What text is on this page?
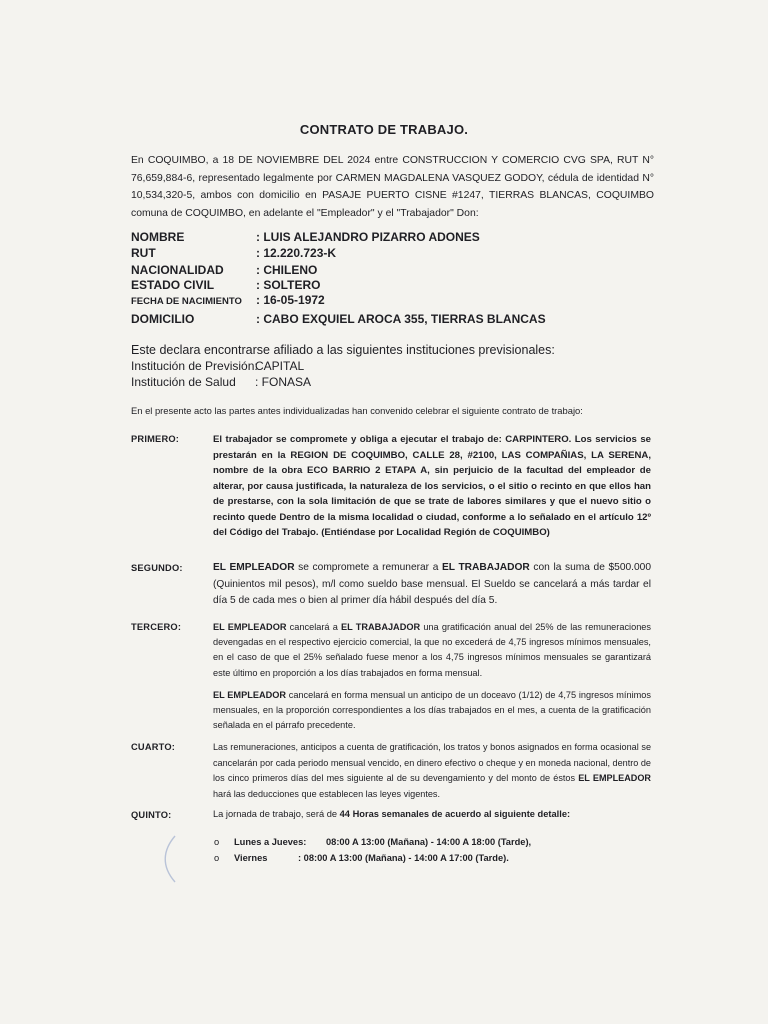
CONTRATO DE TRABAJO.
En COQUIMBO, a 18 DE NOVIEMBRE DEL 2024 entre CONSTRUCCION Y COMERCIO CVG SPA, RUT N° 76,659,884-6, representado legalmente por CARMEN MAGDALENA VASQUEZ GODOY, cédula de identidad N° 10,534,320-5, ambos con domicilio en PASAJE PUERTO CISNE #1247, TIERRAS BLANCAS, COQUIMBO comuna de COQUIMBO, en adelante el "Empleador" y el "Trabajador" Don:
NOMBRE	: LUIS ALEJANDRO PIZARRO ADONES
RUT	: 12.220.723-K
NACIONALIDAD	: CHILENO
ESTADO CIVIL	: SOLTERO
FECHA DE NACIMIENTO : 16-05-1972
DOMICILIO	: CABO EXQUIEL AROCA 355, TIERRAS BLANCAS
Este declara encontrarse afiliado a las siguientes instituciones previsionales:
Institución de Previsión:
CAPITAL
Institución de Salud : FONASA
En el presente acto las partes antes individualizadas han convenido celebrar el siguiente contrato de trabajo:
PRIMERO:	El trabajador se compromete y obliga a ejecutar el trabajo de: CARPINTERO. Los servicios se prestarán en la REGION DE COQUIMBO, CALLE 28, #2100, LAS COMPAÑIAS, LA SERENA, nombre de la obra ECO BARRIO 2 ETAPA A, sin perjuicio de la facultad del empleador de alterar, por causa justificada, la naturaleza de los servicios, o el sitio o recinto en que ellos han de prestarse, con la sola limitación de que se trate de labores similares y que el nuevo sitio o recinto quede Dentro de la misma localidad o ciudad, conforme a lo señalado en el artículo 12º del Código del Trabajo. (Entiéndase por Localidad Región de COQUIMBO)
SEGUNDO:	EL EMPLEADOR se compromete a remunerar a EL TRABAJADOR con la suma de $500.000 (Quinientos mil pesos), m/l como sueldo base mensual. El Sueldo se cancelará a más tardar el día 5 de cada mes o bien al primer día hábil después del día 5.
TERCERO:	EL EMPLEADOR cancelará a EL TRABAJADOR una gratificación anual del 25% de las remuneraciones devengadas en el respectivo ejercicio comercial, la que no excederá de 4,75 ingresos mínimos mensuales, en el caso de que el 25% señalado fuese menor a los 4,75 ingresos mínimos mensuales se garantizará este último en proporción a los días trabajados en forma mensual.
EL EMPLEADOR cancelará en forma mensual un anticipo de un doceavo (1/12) de 4,75 ingresos mínimos mensuales, en la proporción correspondientes a los días trabajados en el mes, a cuenta de la gratificación señalada en el párrafo precedente.
CUARTO:	Las remuneraciones, anticipos a cuenta de gratificación, los tratos y bonos asignados en forma ocasional se cancelarán por cada periodo mensual vencido, en dinero efectivo o cheque y en moneda nacional, dentro de los cinco primeros días del mes siguiente al de su devengamiento y del monto de éstos EL EMPLEADOR hará las deducciones que establecen las leyes vigentes.
QUINTO:	La jornada de trabajo, será de 44 Horas semanales de acuerdo al siguiente detalle:
o Lunes a Jueves: 08:00 A 13:00 (Mañana) - 14:00 A 18:00 (Tarde),
o Viernes	: 08:00 A 13:00 (Mañana) - 14:00 A 17:00 (Tarde).
